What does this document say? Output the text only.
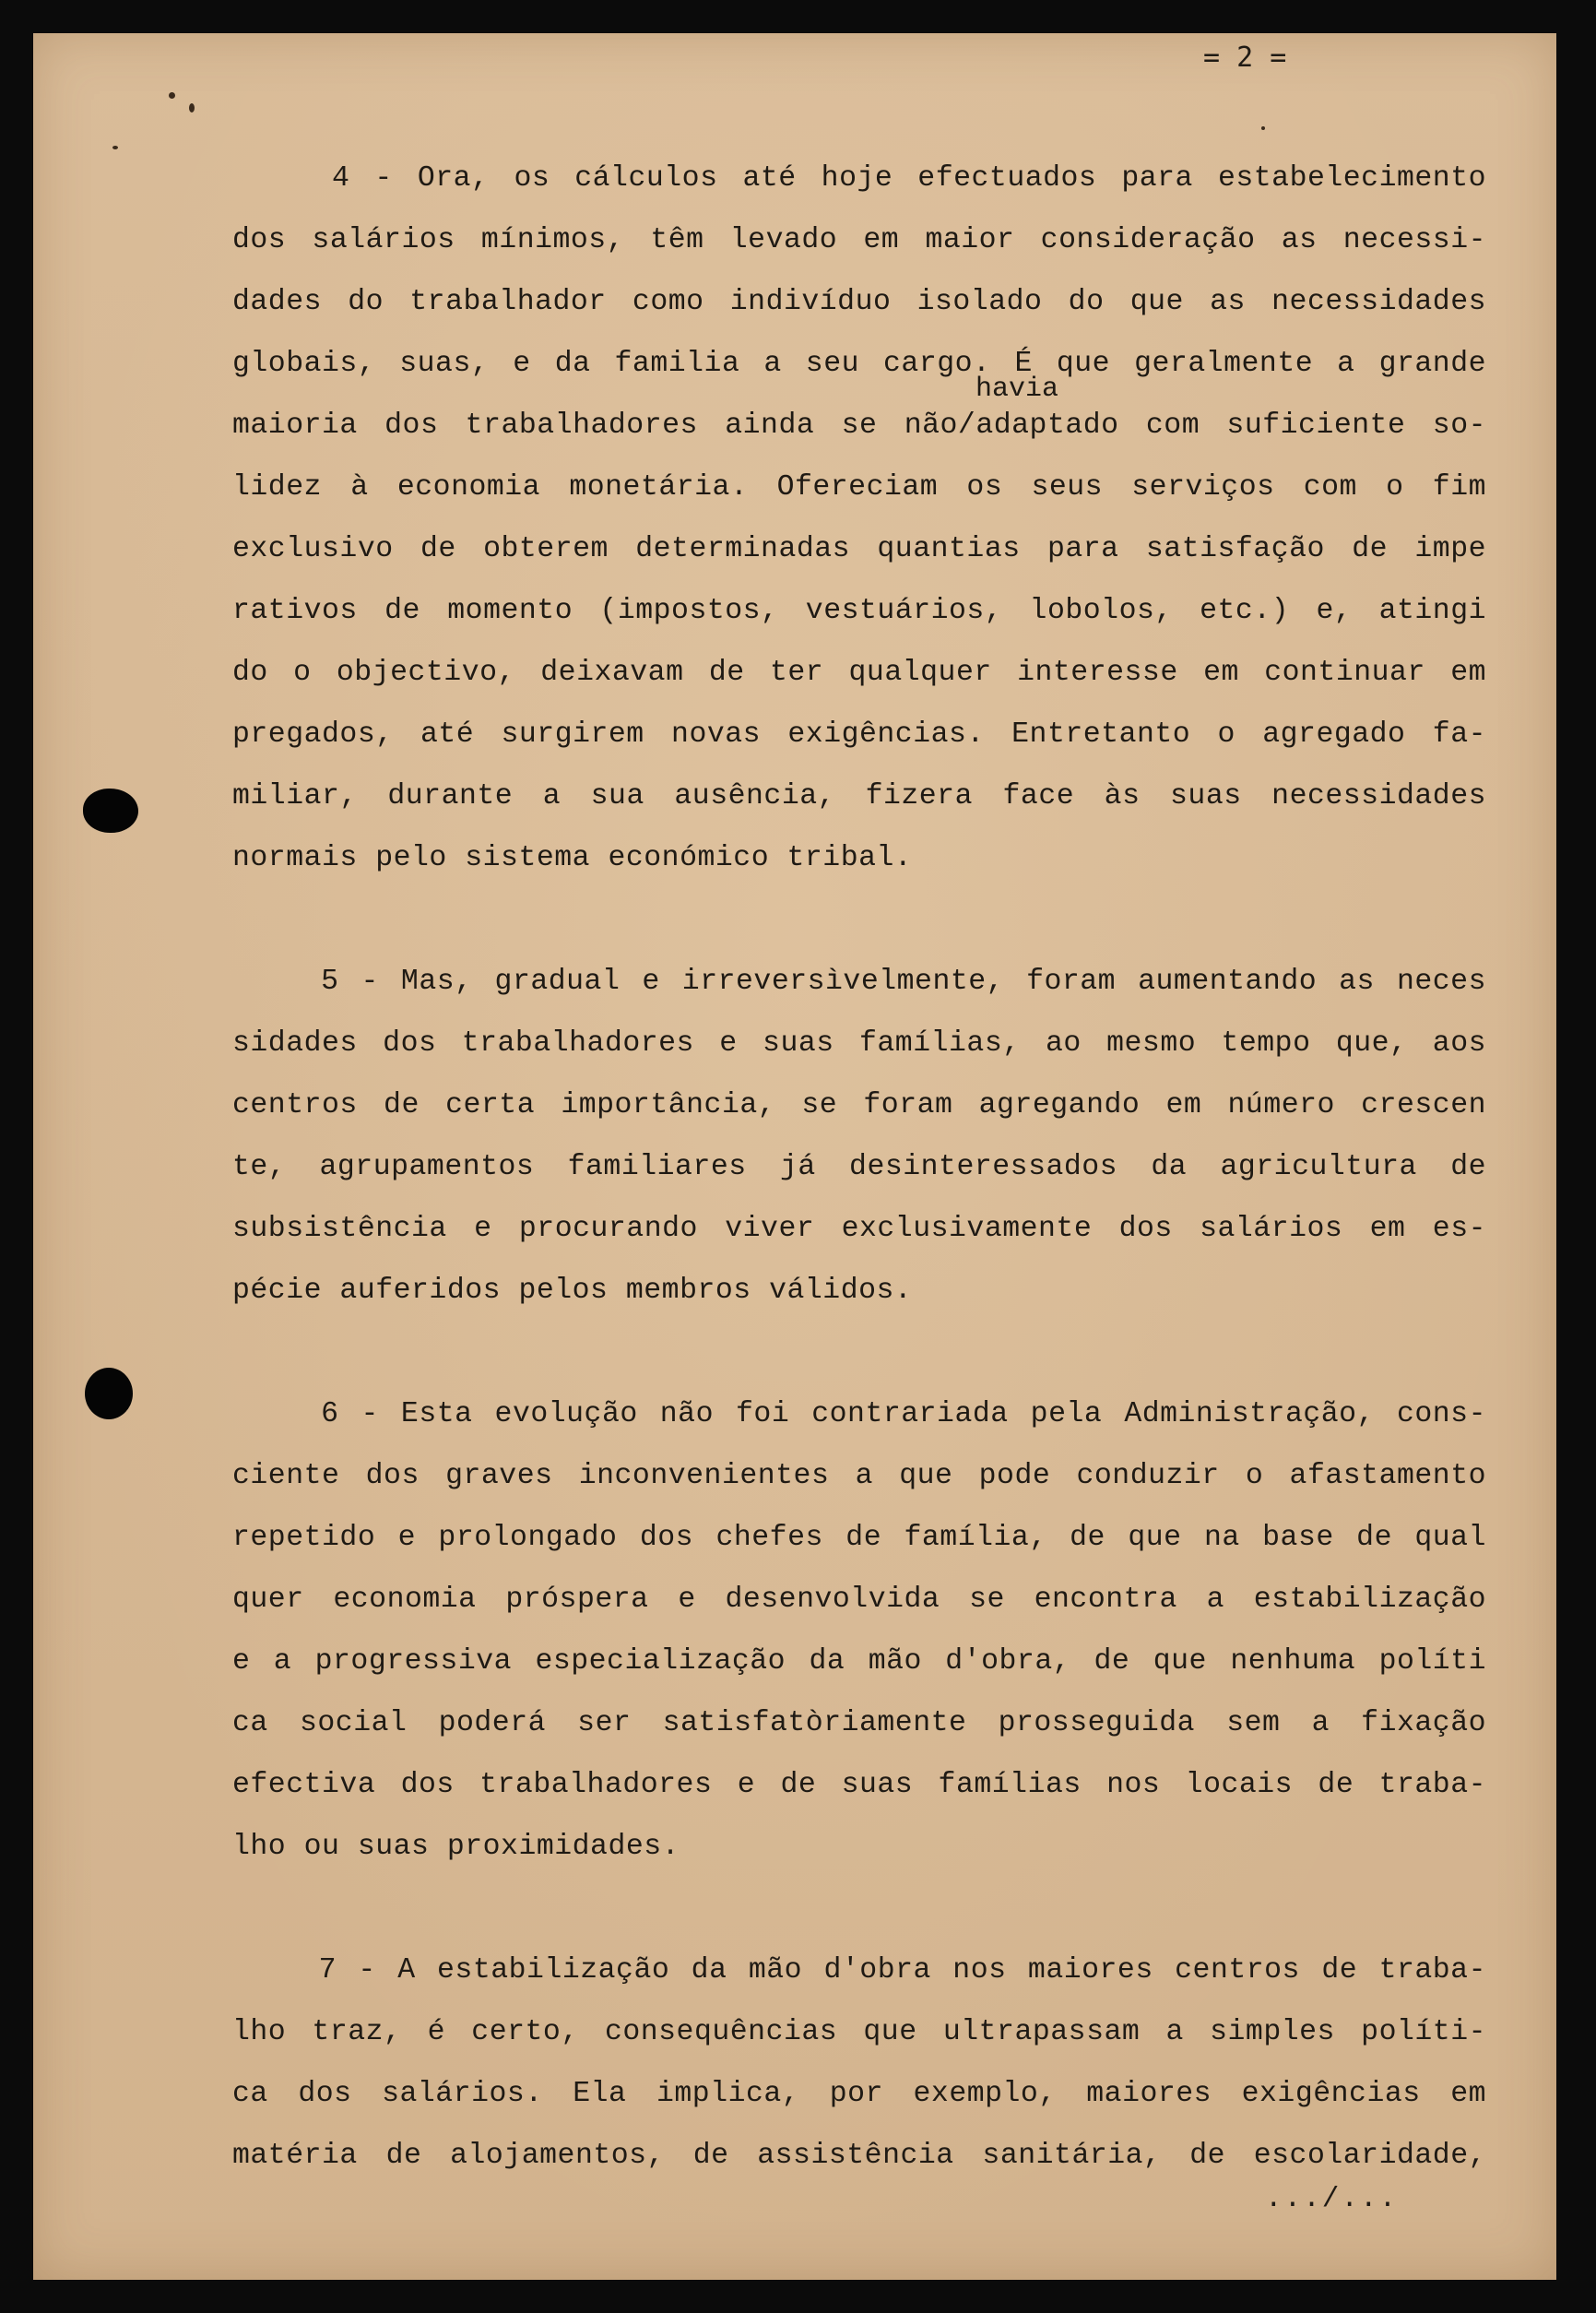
= 2 =
havia
4 - Ora, os cálculos até hoje efectuados para estabelecimento
dos salários mínimos, têm levado em maior consideração as necessi-
dades do trabalhador como indivíduo isolado do que as necessidades
globais, suas, e da familia a seu cargo. É que geralmente a grande
maioria dos trabalhadores ainda se não/adaptado com suficiente so-
lidez à economia monetária. Ofereciam os seus serviços com o fim
exclusivo de obterem determinadas quantias para satisfação de impe
rativos de momento (impostos, vestuários, lobolos, etc.) e, atingi
do o objectivo, deixavam de ter qualquer interesse em continuar em
pregados, até surgirem novas exigências. Entretanto o agregado fa-
miliar, durante a sua ausência, fizera face às suas necessidades
normais pelo sistema económico tribal.
5 - Mas, gradual e irreversìvelmente, foram aumentando as neces
sidades dos trabalhadores e suas famílias, ao mesmo tempo que, aos
centros de certa importância, se foram agregando em número crescen
te, agrupamentos familiares já desinteressados da agricultura de
subsistência e procurando viver exclusivamente dos salários em es-
pécie auferidos pelos membros válidos.
6 - Esta evolução não foi contrariada pela Administração, cons-
ciente dos graves inconvenientes a que pode conduzir o afastamento
repetido e prolongado dos chefes de família, de que na base de qual
quer economia próspera e desenvolvida se encontra a estabilização
e a progressiva especialização da mão d'obra, de que nenhuma políti
ca social poderá ser satisfatòriamente prosseguida sem a fixação
efectiva dos trabalhadores e de suas famílias nos locais de traba-
lho ou suas proximidades.
7 - A estabilização da mão d'obra nos maiores centros de traba-
lho traz, é certo, consequências que ultrapassam a simples políti-
ca dos salários. Ela implica, por exemplo, maiores exigências em
matéria de alojamentos, de assistência sanitária, de escolaridade,
.../...
